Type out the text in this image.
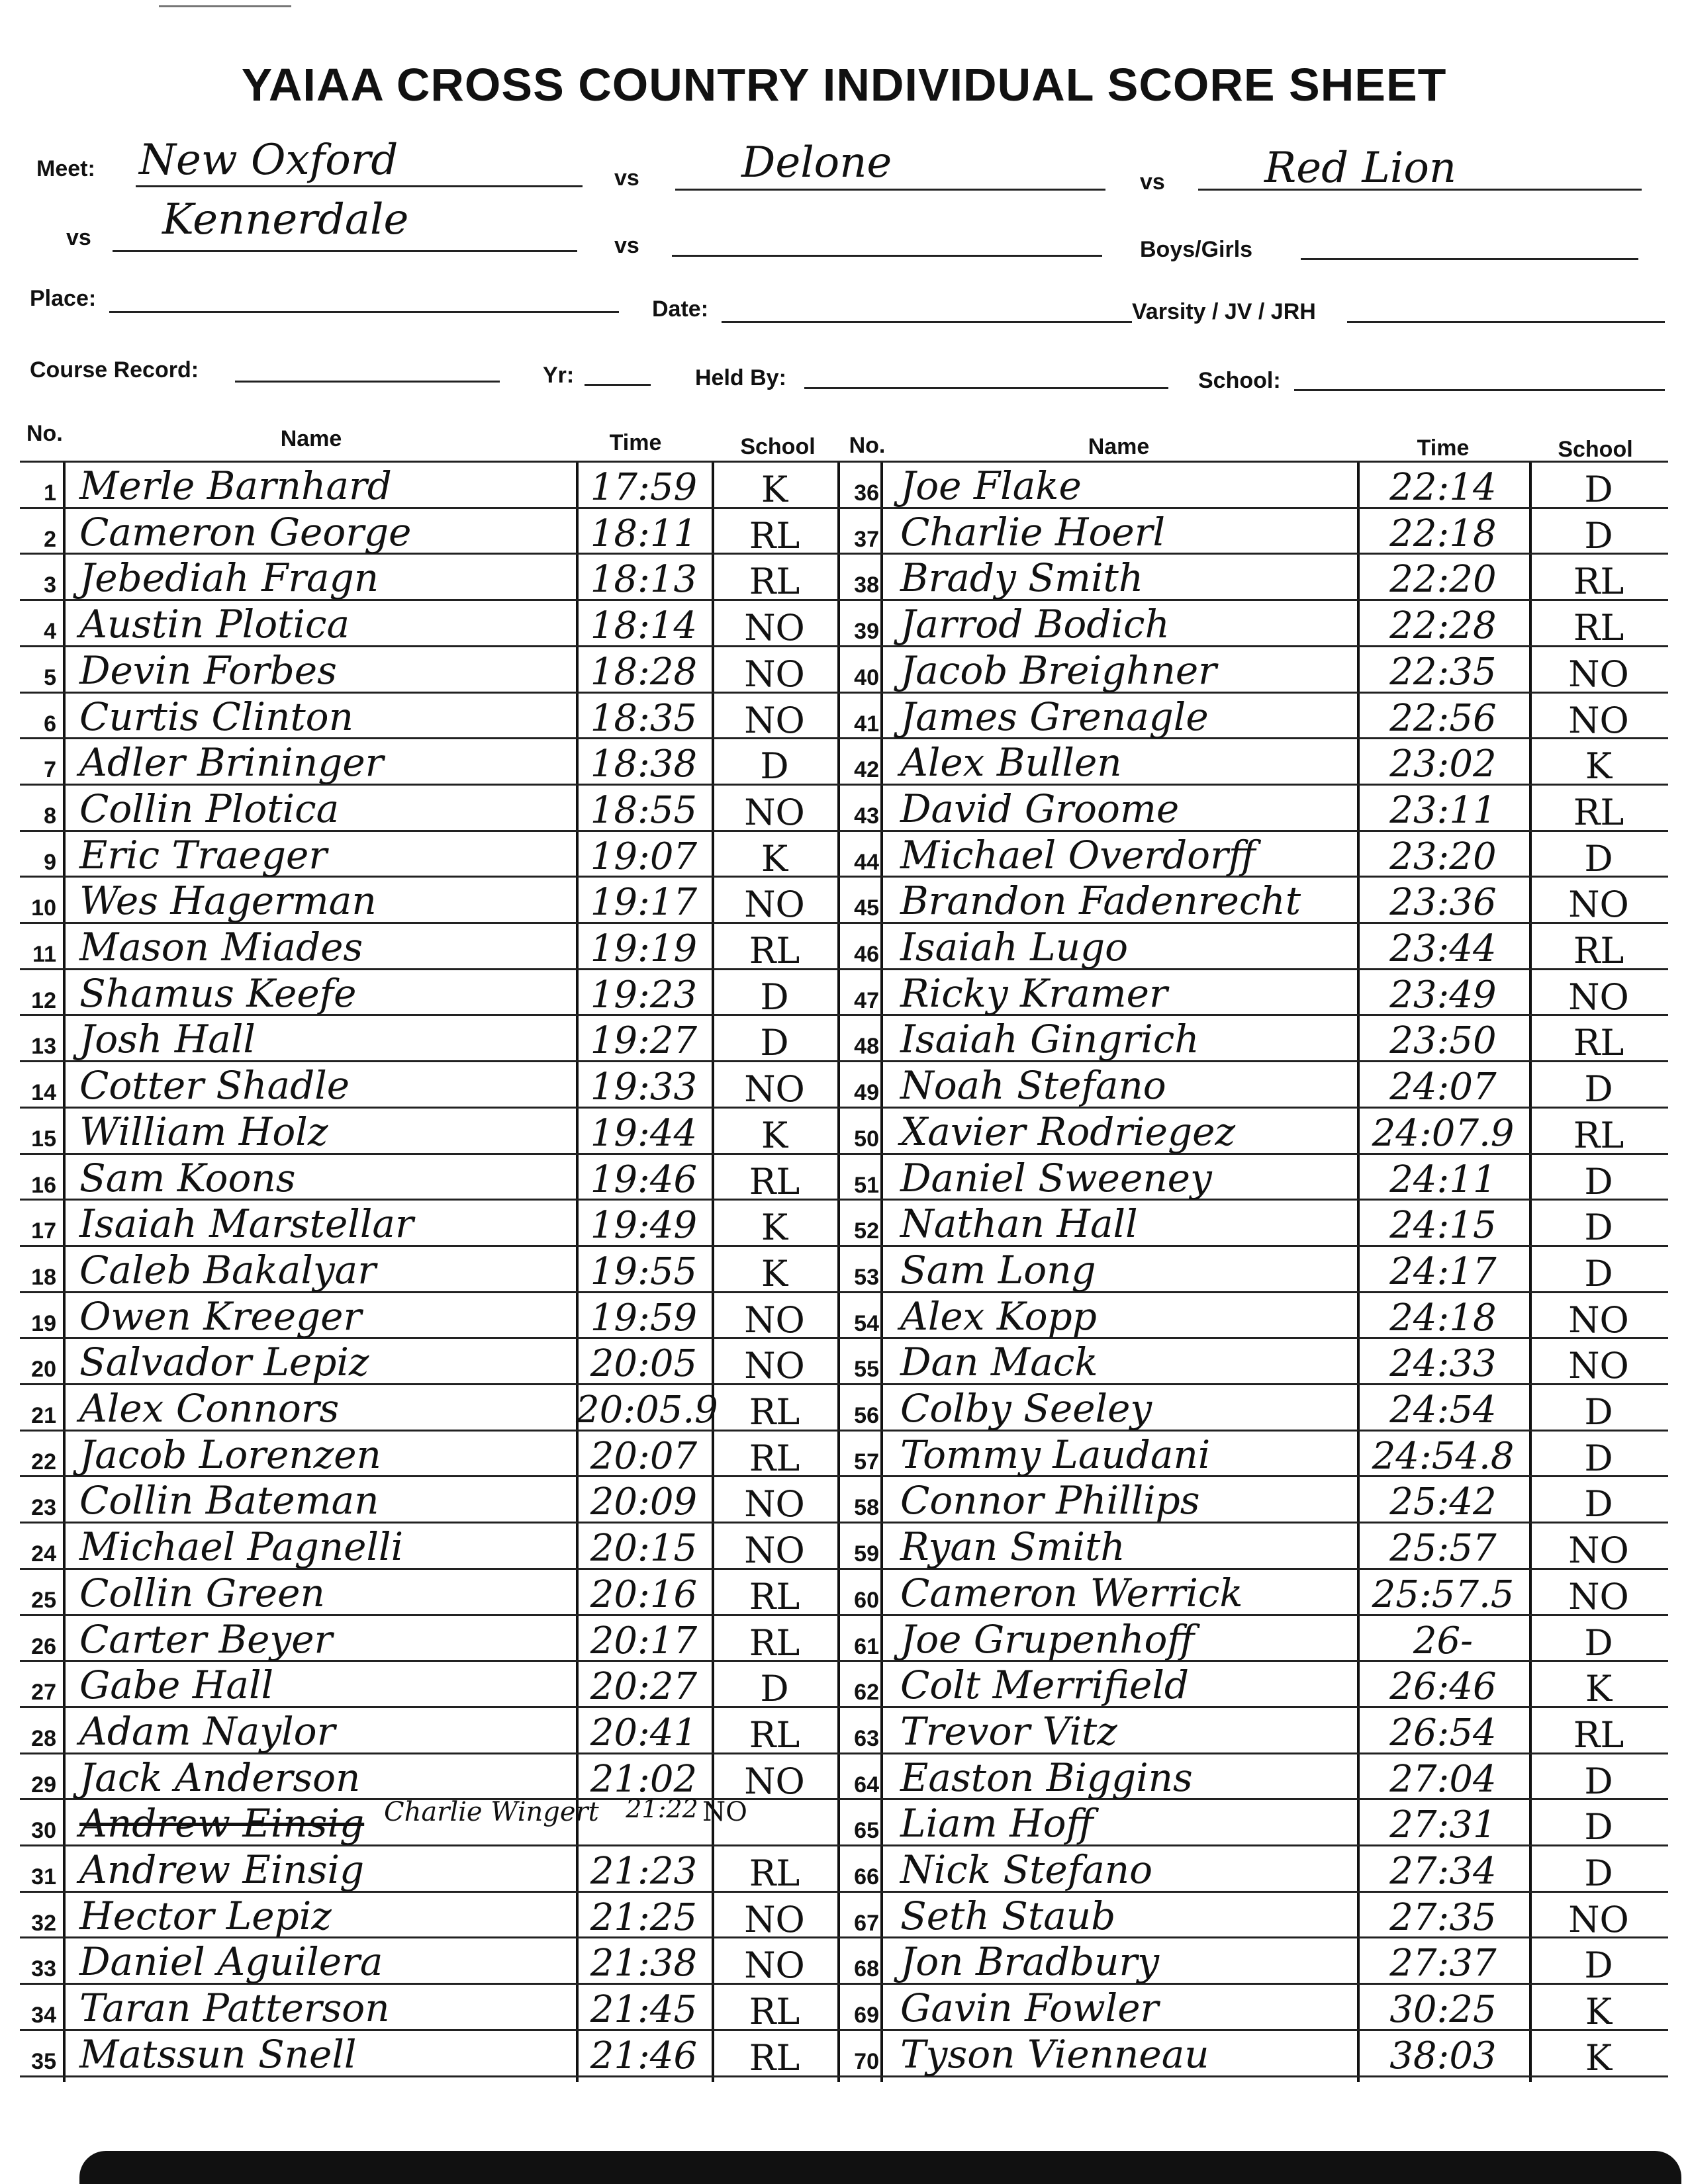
YAIAA CROSS COUNTRY INDIVIDUAL SCORE SHEET
Meet: New Oxford	vs Delone	vs Red Lion
vs Kennerdale
vs	Boys/Girls
Place:	Date:	Varsity / JV / JRH
Course Record:	Yr:	Held By:	School:
No.	Name	Time	School	No.	Name	Time	School
1 Merle Barnhard	17:59	K
2 Cameron George	18:11	RL
3 Jebediah Fragn	18:13	RL
4 Austin Plotica	18:14	NO
5 Devin Forbes	18:28	NO
6 Curtis Clinton	18:35	NO
7 Adler Brininger	18:38	D
8 Collin Plotica	18:55	NO
9 Eric Traeger	19:07	K
10 Wes Hagerman	19:17	NO
11 Mason Miades	19:19	RL
12 Shamus Keefe	19:23	D
13 Josh Hall	19:27	D
14 Cotter Shadle	19:33	NO
15 William Holz	19:44	K
16 Sam Koons	19:46	RL
17 Isaiah Marstellar	19:49	K
18 Caleb Bakalyar	19:55	K
19 Owen Kreeger	19:59	NO
20 Salvador Lepiz	20:05	NO
21 Alex Connors	20:05.9 RL
22 Jacob Lorenzen	20:07	RL
23 Collin Bateman	20:09	NO
24 Michael Pagnelli	20:15	NO
25 Collin Green	20:16	RL
26 Carter Beyer	20:17	RL
27 Gabe Hall	20:27	D
28 Adam Naylor	20:41	RL
29 Jack Anderson	21:02	NO
30 Andrew Einsig Charlie Wingert 21:22 NO
31 Andrew Einsig	21:23	RL
32 Hector Lepiz	21:25	NO
33 Daniel Aguilera	21:38	NO
34 Taran Patterson	21:45	RL
35 Matssun Snell	21:46	RL
36 Joe Flake	22:14	D
37 Charlie Hoerl	22:18	D
38 Brady Smith	22:20	RL
39 Jarrod Bodich	22:28	RL
40 Jacob Breighner	22:35	NO
41 James Grenagle	22:56	NO
42 Alex Bullen	23:02	K
43 David Groome	23:11	RL
44 Michael Overdorff	23:20	D
45 Brandon Fadenrecht	23:36	NO
46 Isaiah Lugo	23:44	RL
47 Ricky Kramer	23:49	NO
48 Isaiah Gingrich	23:50	RL
49 Noah Stefano	24:07	D
50 Xavier Rodriegez	24:07.9	RL
51 Daniel Sweeney	24:11	D
52 Nathan Hall	24:15	D
53 Sam Long	24:17	D
54 Alex Kopp	24:18	NO
55 Dan Mack	24:33	NO
56 Colby Seeley	24:54	D
57 Tommy Laudani	24:54.8	D
58 Connor Phillips	25:42	D
59 Ryan Smith	25:57	NO
60 Cameron Werrick	25:57.5	NO
61 Joe Grupenhoff	26-	D
62 Colt Merrifield	26:46	K
63 Trevor Vitz	26:54	RL
64 Easton Biggins	27:04	D
65 Liam Hoff	27:31	D
66 Nick Stefano	27:34	D
67 Seth Staub	27:35	NO
68 Jon Bradbury	27:37	D
69 Gavin Fowler	30:25	K
70 Tyson Vienneau	38:03	K
